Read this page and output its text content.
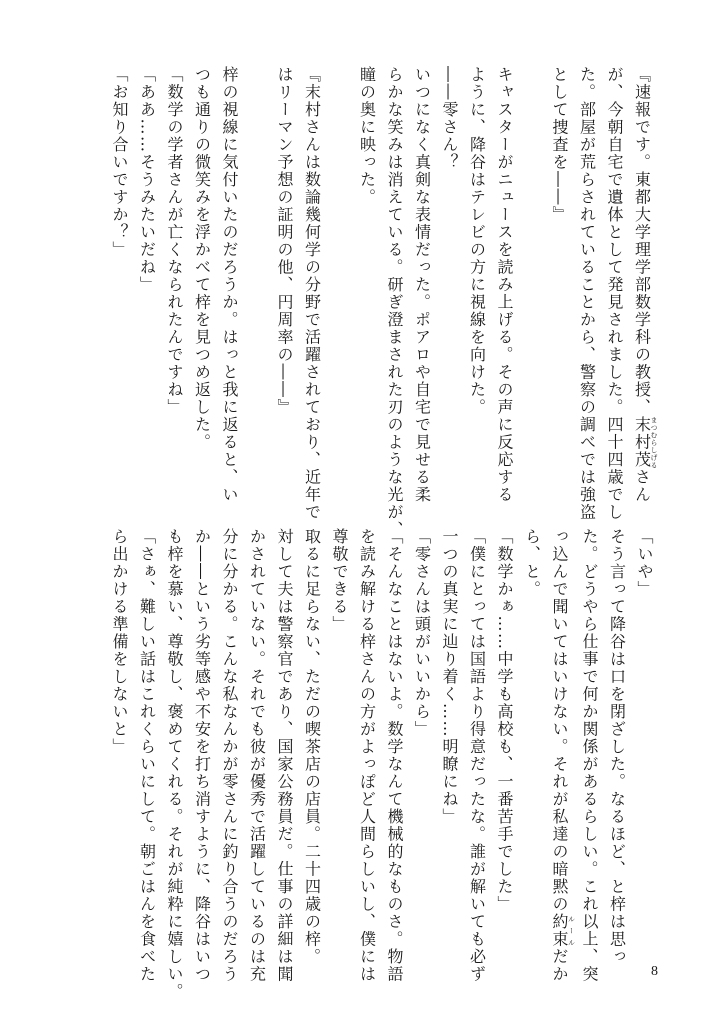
『速報です。東都大学理学部数学科の教授、末村茂まつむらしげるさん
が、今朝自宅で遺体として発見されました。四十四歳でし
た。部屋が荒らされていることから、警察の調べでは強盗
として捜査を――』
キャスターがニュースを読み上げる。その声に反応する
ように、降谷はテレビの方に視線を向けた。
――零さん？
いつになく真剣な表情だった。ポアロや自宅で見せる柔
らかな笑みは消えている。研ぎ澄まされた刃のような光が、
瞳の奥に映った。
『末村さんは数論幾何学の分野で活躍されており、近年で
はリーマン予想の証明の他、円周率の――』
梓の視線に気付いたのだろうか。はっと我に返ると、い
つも通りの微笑みを浮かべて梓を見つめ返した。
「数学の学者さんが亡くなられたんですね」
「ああ……そうみたいだね」
「お知り合いですか？」
「いや」
そう言って降谷は口を閉ざした。なるほど、と梓は思っ
た。どうやら仕事で何か関係があるらしい。これ以上、突
っ込んで聞いてはいけない。それが私達の暗黙の約束ルールだか
ら、と。
「数学かぁ……中学も高校も、一番苦手でした」
「僕にとっては国語より得意だったな。誰が解いても必ず
一つの真実に辿り着く……明瞭にね」
「零さんは頭がいいから」
「そんなことはないよ。数学なんて機械的なものさ。物語
を読み解ける梓さんの方がよっぽど人間らしいし、僕には
尊敬できる」
取るに足らない、ただの喫茶店の店員。二十四歳の梓。
対して夫は警察官であり、国家公務員だ。仕事の詳細は聞
かされていない。それでも彼が優秀で活躍しているのは充
分に分かる。こんな私なんかが零さんに釣り合うのだろう
か――という劣等感や不安を打ち消すように、降谷はいつ
も梓を慕い、尊敬し、褒めてくれる。それが純粋に嬉しい。
「さぁ、難しい話はこれくらいにして。朝ごはんを食べた
ら出かける準備をしないと」
8
